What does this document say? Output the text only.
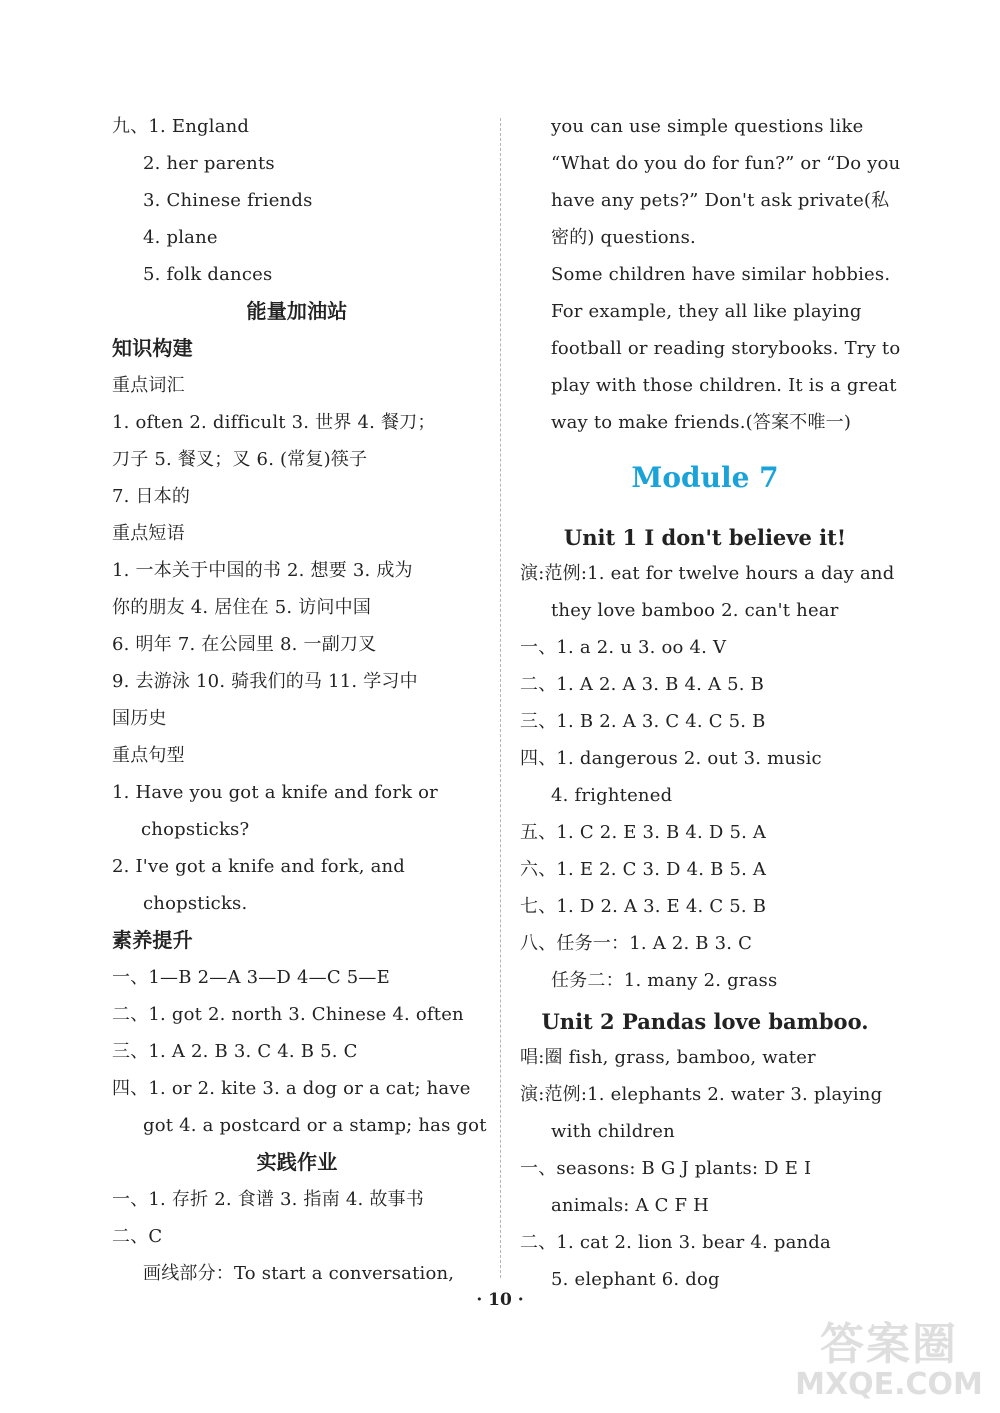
九、1. England
2. her parents
3. Chinese friends
4. plane
5. folk dances
能量加油站
知识构建
重点词汇
1. often 2. difficult 3. 世界 4. 餐刀；
刀子 5. 餐叉；叉 6. (常复)筷子
7. 日本的
重点短语
1. 一本关于中国的书 2. 想要 3. 成为
你的朋友 4. 居住在 5. 访问中国
6. 明年 7. 在公园里 8. 一副刀叉
9. 去游泳 10. 骑我们的马 11. 学习中
国历史
重点句型
1. Have you got a knife and fork or
chopsticks?
2. I've got a knife and fork, and
chopsticks.
素养提升
一、1—B 2—A 3—D 4—C 5—E
二、1. got 2. north 3. Chinese 4. often
三、1. A 2. B 3. C 4. B 5. C
四、1. or 2. kite 3. a dog or a cat; have
got 4. a postcard or a stamp; has got
实践作业
一、1. 存折 2. 食谱 3. 指南 4. 故事书
二、C
画线部分：To start a conversation,
you can use simple questions like
“What do you do for fun?” or “Do you
have any pets?” Don't ask private(私
密的) questions.
Some children have similar hobbies.
For example, they all like playing
football or reading storybooks. Try to
play with those children. It is a great
way to make friends.(答案不唯一)
Module 7
Unit 1 I don't believe it!
演:范例:1. eat for twelve hours a day and
they love bamboo 2. can't hear
一、1. a 2. u 3. oo 4. V
二、1. A 2. A 3. B 4. A 5. B
三、1. B 2. A 3. C 4. C 5. B
四、1. dangerous 2. out 3. music
4. frightened
五、1. C 2. E 3. B 4. D 5. A
六、1. E 2. C 3. D 4. B 5. A
七、1. D 2. A 3. E 4. C 5. B
八、任务一：1. A 2. B 3. C
任务二：1. many 2. grass
Unit 2 Pandas love bamboo.
唱:圈 fish, grass, bamboo, water
演:范例:1. elephants 2. water 3. playing
with children
一、seasons: B G J plants: D E I
animals: A C F H
二、1. cat 2. lion 3. bear 4. panda
5. elephant 6. dog
· 10 ·
答案圈
MXQE.COM
